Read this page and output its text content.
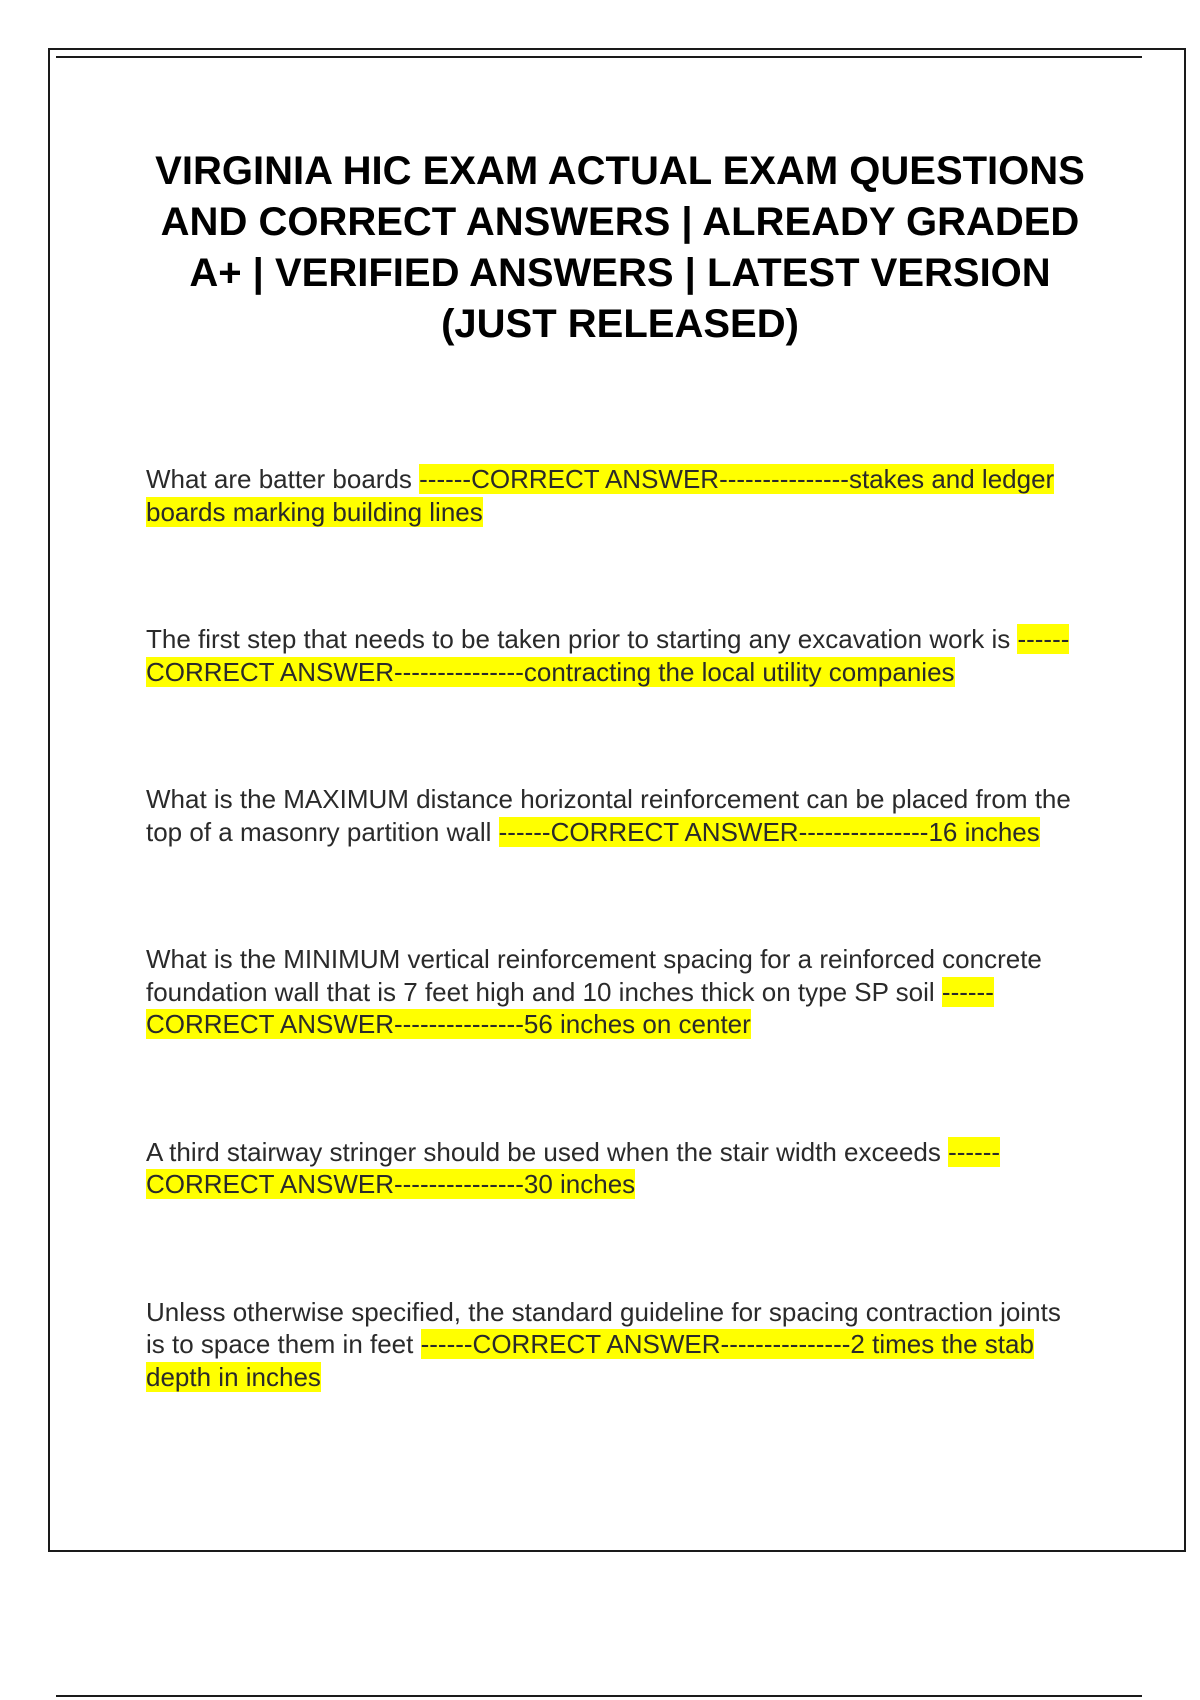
VIRGINIA HIC EXAM ACTUAL EXAM QUESTIONS AND CORRECT ANSWERS | ALREADY GRADED A+ | VERIFIED ANSWERS | LATEST VERSION (JUST RELEASED)

What are batter boards ------CORRECT ANSWER---------------stakes and ledger boards marking building lines

The first step that needs to be taken prior to starting any excavation work is ------CORRECT ANSWER---------------contracting the local utility companies

What is the MAXIMUM distance horizontal reinforcement can be placed from the top of a masonry partition wall ------CORRECT ANSWER---------------16 inches

What is the MINIMUM vertical reinforcement spacing for a reinforced concrete foundation wall that is 7 feet high and 10 inches thick on type SP soil ------CORRECT ANSWER---------------56 inches on center

A third stairway stringer should be used when the stair width exceeds ------CORRECT ANSWER---------------30 inches

Unless otherwise specified, the standard guideline for spacing contraction joints is to space them in feet ------CORRECT ANSWER---------------2 times the stab depth in inches
